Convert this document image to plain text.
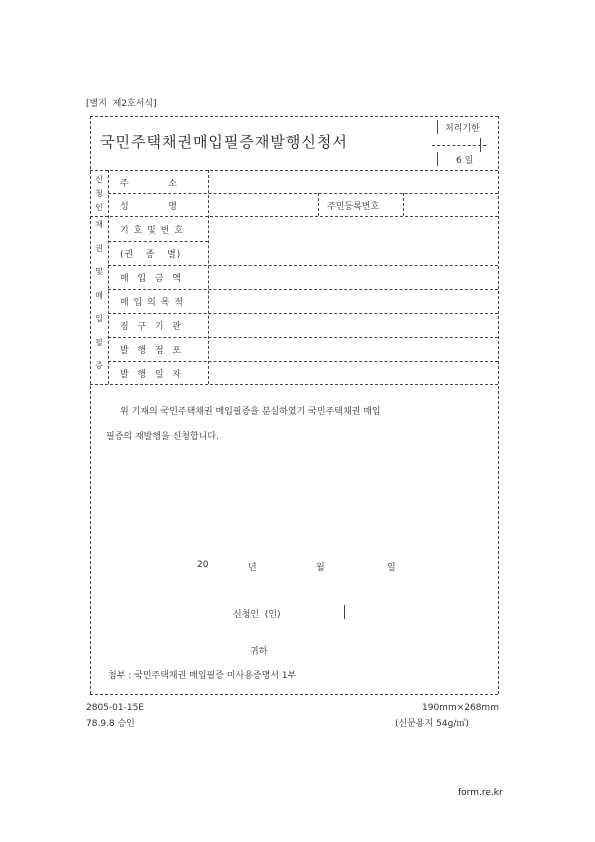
[별지  제2호서식]
국민주택채권매입필증재발행신청서
처리기한
6 일
신
청
인
채
권
및
매
입
필
증
주          소
성          명	주민등록번호
기 호 및 번 호
(권   종   별)
매  입  금  액
매 입 의 목 적
징  구  기  관
발  행  점  포
발  행  일  자
위 기재의 국민주택채권 매입필증을 분실하였기 국민주택채권 매입
필증의 재발행을 신청합니다.
20	년	월	일
신청인  (인)
귀하
첨부 : 국민주택채권 매입필증 미사용증명서 1부
2805-01-15E
78.9.8 승인
190mm×268mm
(신문용지 54g/㎡)
form.re.kr
